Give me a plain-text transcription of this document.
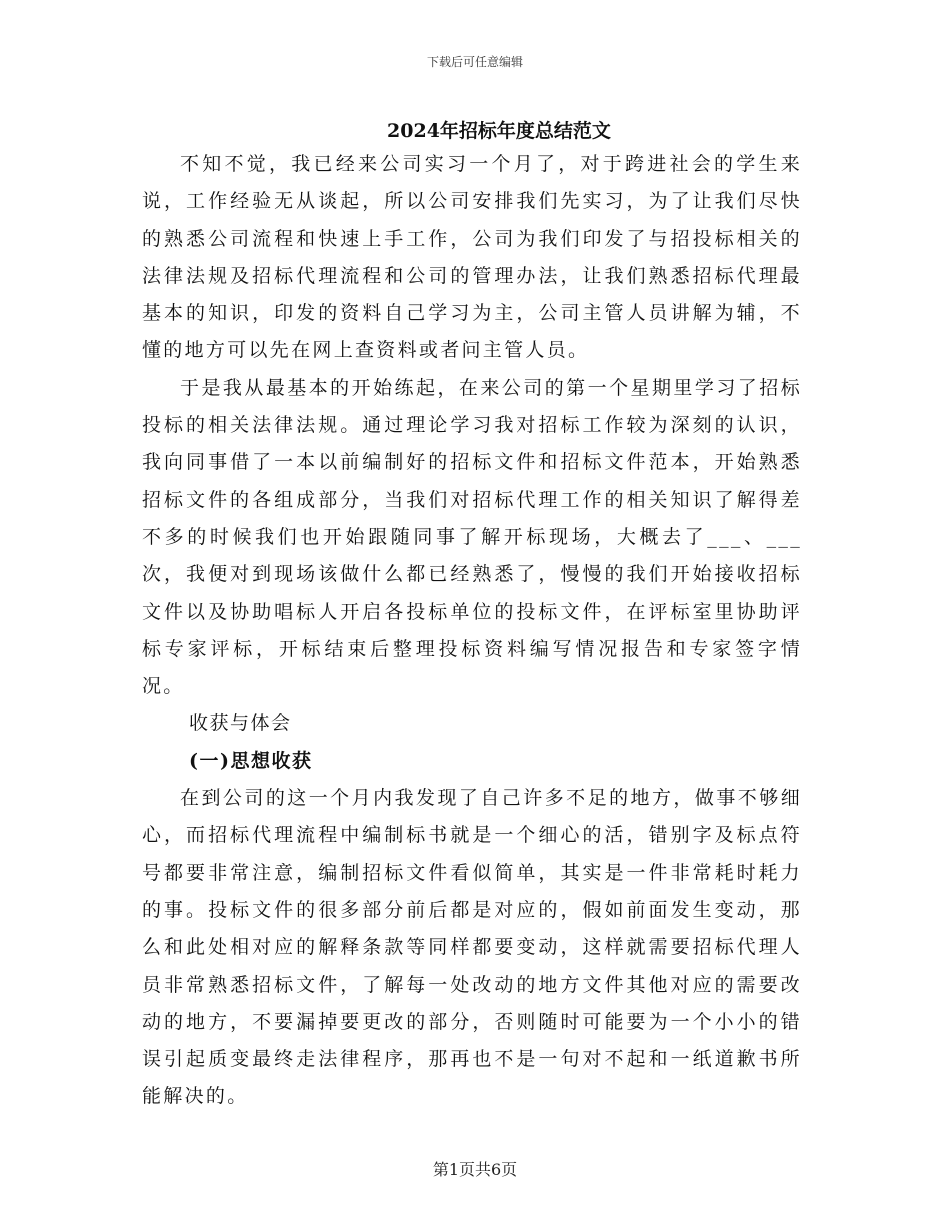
下载后可任意编辑
2024年招标年度总结范文

不知不觉，我已经来公司实习一个月了，对于跨进社会的学生来说，工作经验无从谈起，所以公司安排我们先实习，为了让我们尽快的熟悉公司流程和快速上手工作，公司为我们印发了与招投标相关的法律法规及招标代理流程和公司的管理办法，让我们熟悉招标代理最基本的知识，印发的资料自己学习为主，公司主管人员讲解为辅，不懂的地方可以先在网上查资料或者问主管人员。

于是我从最基本的开始练起，在来公司的第一个星期里学习了招标投标的相关法律法规。通过理论学习我对招标工作较为深刻的认识，我向同事借了一本以前编制好的招标文件和招标文件范本，开始熟悉招标文件的各组成部分，当我们对招标代理工作的相关知识了解得差不多的时候我们也开始跟随同事了解开标现场，大概去了___、___次，我便对到现场该做什么都已经熟悉了，慢慢的我们开始接收招标文件以及协助唱标人开启各投标单位的投标文件，在评标室里协助评标专家评标，开标结束后整理投标资料编写情况报告和专家签字情况。

收获与体会

(一)思想收获

在到公司的这一个月内我发现了自己许多不足的地方，做事不够细心，而招标代理流程中编制标书就是一个细心的活，错别字及标点符号都要非常注意，编制招标文件看似简单，其实是一件非常耗时耗力的事。投标文件的很多部分前后都是对应的，假如前面发生变动，那么和此处相对应的解释条款等同样都要变动，这样就需要招标代理人员非常熟悉招标文件，了解每一处改动的地方文件其他对应的需要改动的地方，不要漏掉要更改的部分，否则随时可能要为一个小小的错误引起质变最终走法律程序，那再也不是一句对不起和一纸道歉书所能解决的。

第1页共6页
